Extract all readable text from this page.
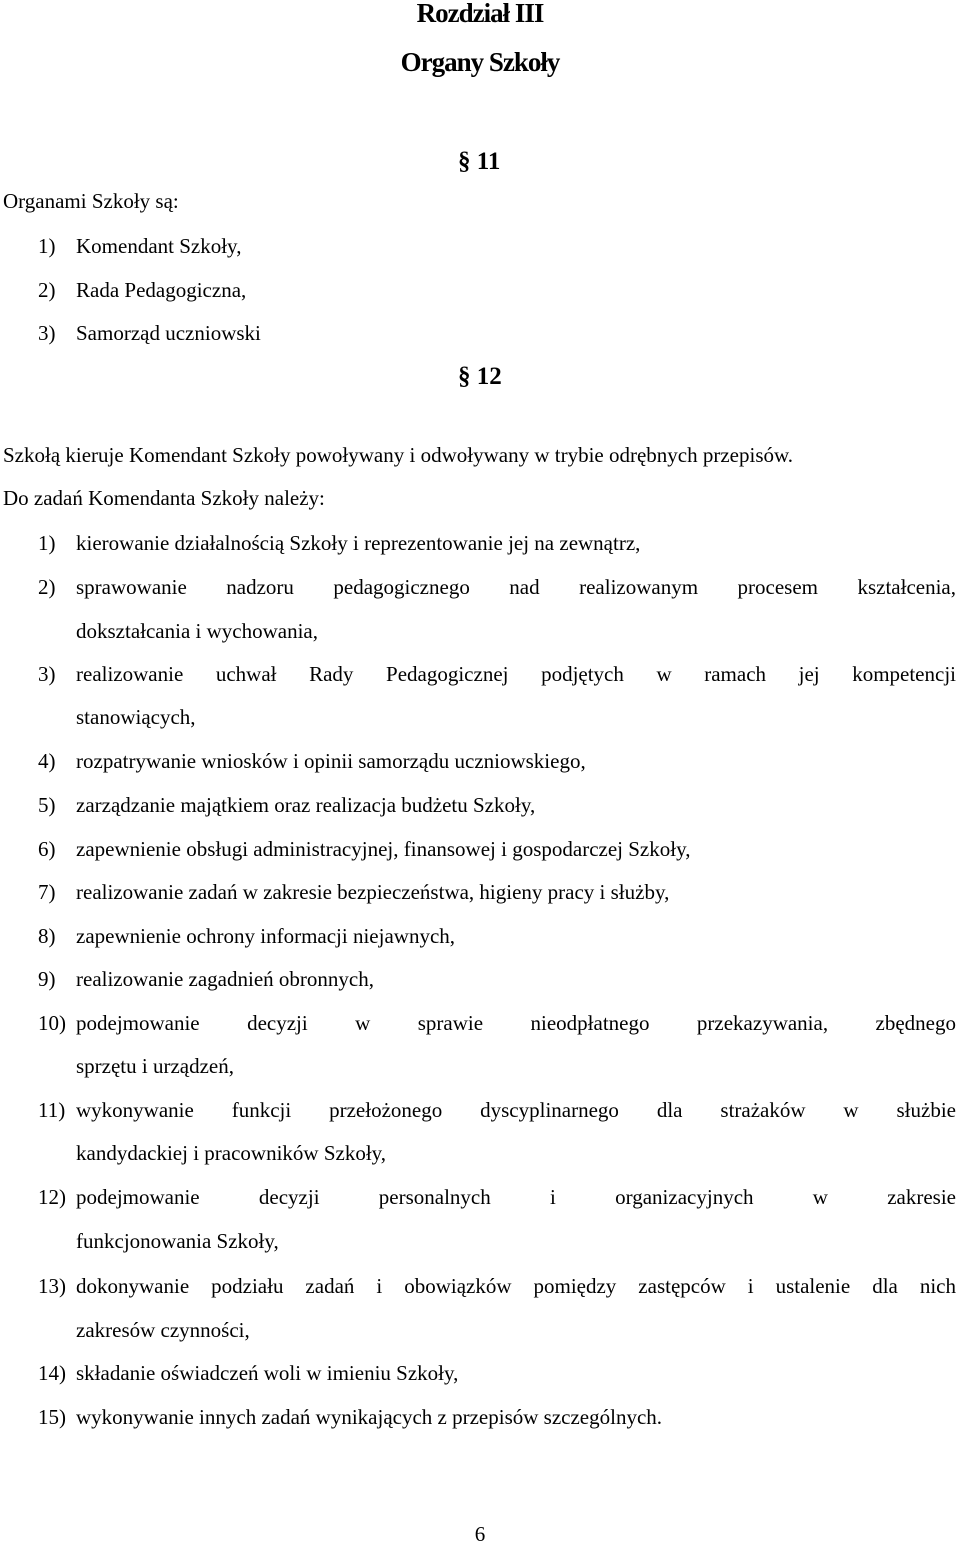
Rozdział III
Organy Szkoły
§ 11
Organami Szkoły są:
1) Komendant Szkoły,
2) Rada Pedagogiczna,
3) Samorząd uczniowski
§ 12
Szkołą kieruje Komendant Szkoły powoływany i odwoływany w trybie odrębnych przepisów.
Do zadań Komendanta Szkoły należy:
1) kierowanie działalnością Szkoły i reprezentowanie jej na zewnątrz,
2) sprawowanie nadzoru pedagogicznego nad realizowanym procesem kształcenia,
dokształcania i wychowania,
3) realizowanie uchwał Rady Pedagogicznej podjętych w ramach jej kompetencji
stanowiących,
4) rozpatrywanie wniosków i opinii samorządu uczniowskiego,
5) zarządzanie majątkiem oraz realizacja budżetu Szkoły,
6) zapewnienie obsługi administracyjnej, finansowej i gospodarczej Szkoły,
7) realizowanie zadań w zakresie bezpieczeństwa, higieny pracy i służby,
8) zapewnienie ochrony informacji niejawnych,
9) realizowanie zagadnień obronnych,
10) podejmowanie decyzji w sprawie nieodpłatnego przekazywania, zbędnego
sprzętu i urządzeń,
11) wykonywanie funkcji przełożonego dyscyplinarnego dla strażaków w służbie
kandydackiej i pracowników Szkoły,
12) podejmowanie decyzji personalnych i organizacyjnych w zakresie
funkcjonowania Szkoły,
13) dokonywanie podziału zadań i obowiązków pomiędzy zastępców i ustalenie dla nich
zakresów czynności,
14) składanie oświadczeń woli w imieniu Szkoły,
15) wykonywanie innych zadań wynikających z przepisów szczególnych.
6
